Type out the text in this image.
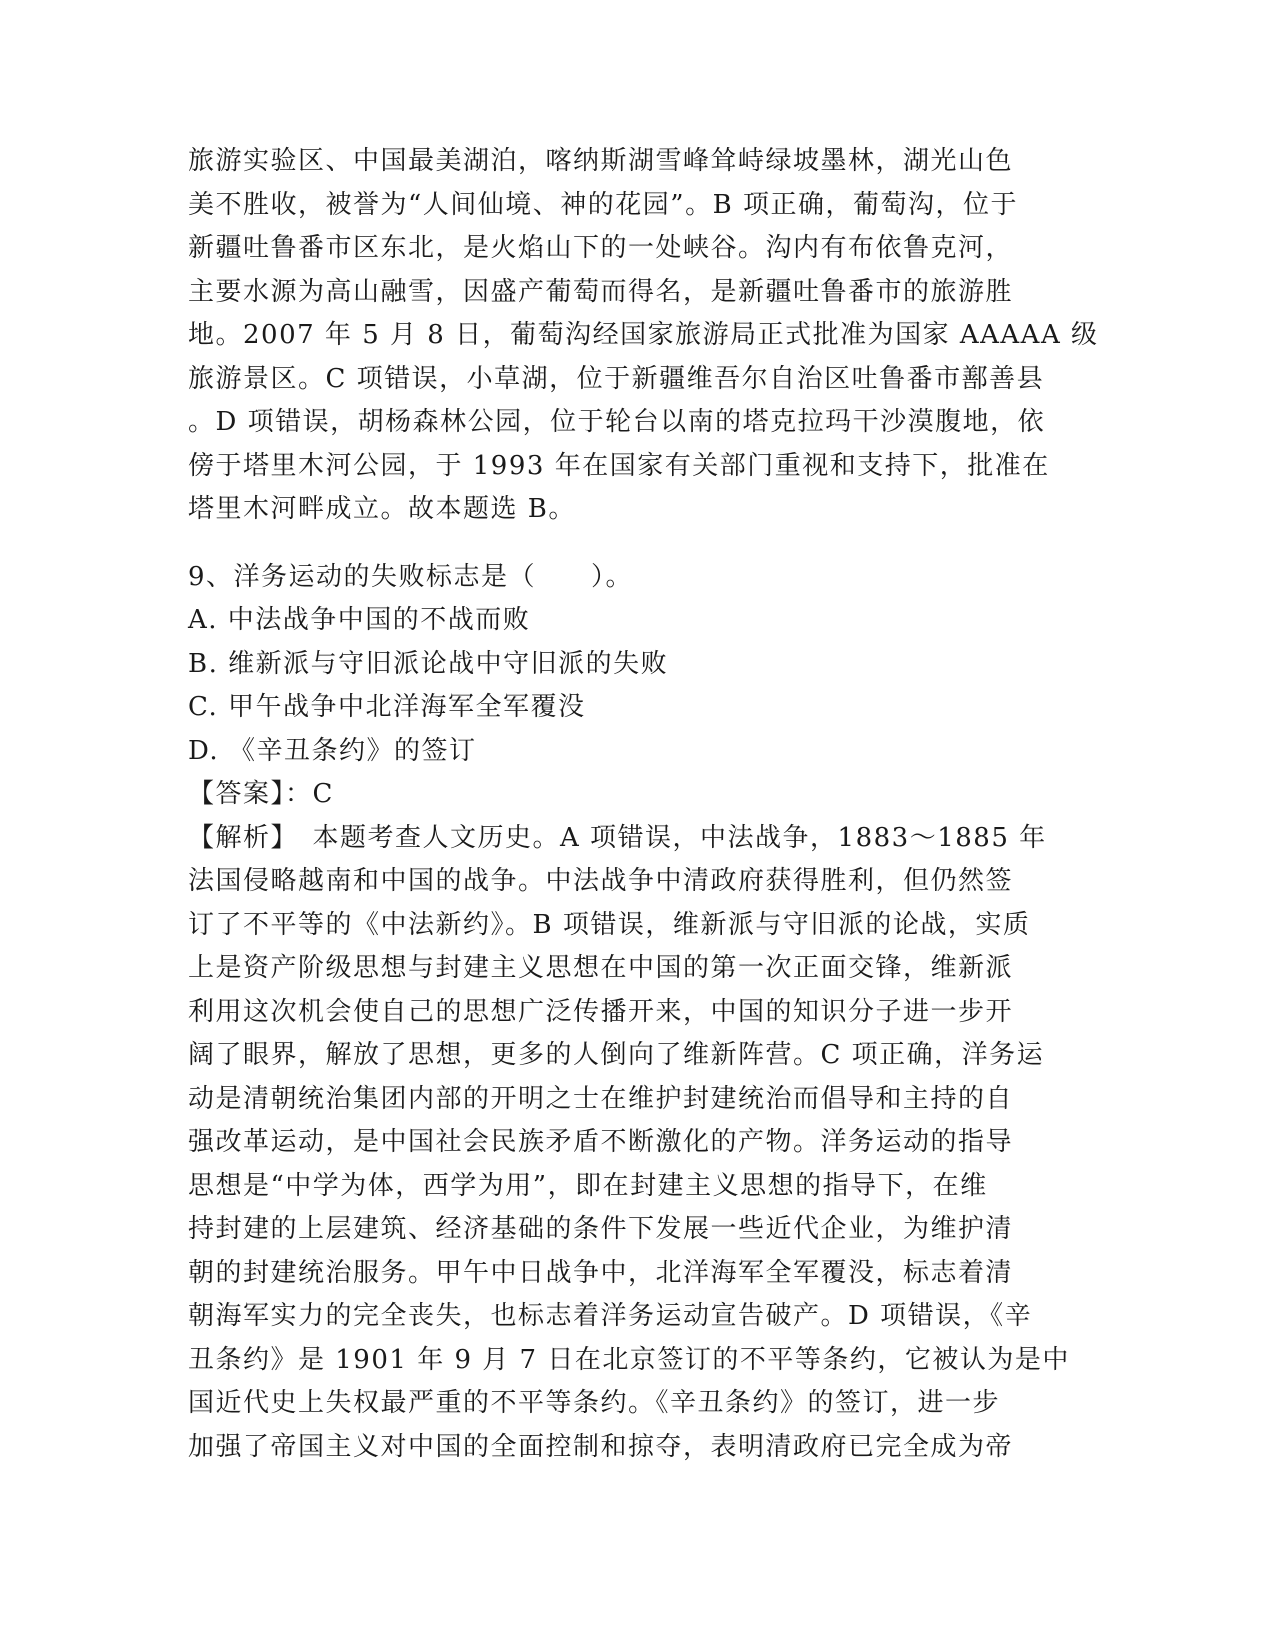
旅游实验区、中国最美湖泊，喀纳斯湖雪峰耸峙绿坡墨林，湖光山色
美不胜收，被誉为“人间仙境、神的花园”。B 项正确，葡萄沟，位于
新疆吐鲁番市区东北，是火焰山下的一处峡谷。沟内有布依鲁克河，
主要水源为高山融雪，因盛产葡萄而得名，是新疆吐鲁番市的旅游胜
地。2007 年 5 月 8 日，葡萄沟经国家旅游局正式批准为国家 AAAAA 级
旅游景区。C 项错误，小草湖，位于新疆维吾尔自治区吐鲁番市鄯善县
。D 项错误，胡杨森林公园，位于轮台以南的塔克拉玛干沙漠腹地，依
傍于塔里木河公园，于 1993 年在国家有关部门重视和支持下，批准在
塔里木河畔成立。故本题选 B。
9、洋务运动的失败标志是（　　）。
A. 中法战争中国的不战而败
B. 维新派与守旧派论战中守旧派的失败
C. 甲午战争中北洋海军全军覆没
D. 《辛丑条约》的签订
【答案】：C
【解析】　本题考查人文历史。A 项错误，中法战争，1883～1885 年
法国侵略越南和中国的战争。中法战争中清政府获得胜利，但仍然签
订了不平等的《中法新约》。B 项错误，维新派与守旧派的论战，实质
上是资产阶级思想与封建主义思想在中国的第一次正面交锋，维新派
利用这次机会使自己的思想广泛传播开来，中国的知识分子进一步开
阔了眼界，解放了思想，更多的人倒向了维新阵营。C 项正确，洋务运
动是清朝统治集团内部的开明之士在维护封建统治而倡导和主持的自
强改革运动，是中国社会民族矛盾不断激化的产物。洋务运动的指导
思想是“中学为体，西学为用”，即在封建主义思想的指导下，在维
持封建的上层建筑、经济基础的条件下发展一些近代企业，为维护清
朝的封建统治服务。甲午中日战争中，北洋海军全军覆没，标志着清
朝海军实力的完全丧失，也标志着洋务运动宣告破产。D 项错误，《辛
丑条约》是 1901 年 9 月 7 日在北京签订的不平等条约，它被认为是中
国近代史上失权最严重的不平等条约。《辛丑条约》的签订，进一步
加强了帝国主义对中国的全面控制和掠夺，表明清政府已完全成为帝
